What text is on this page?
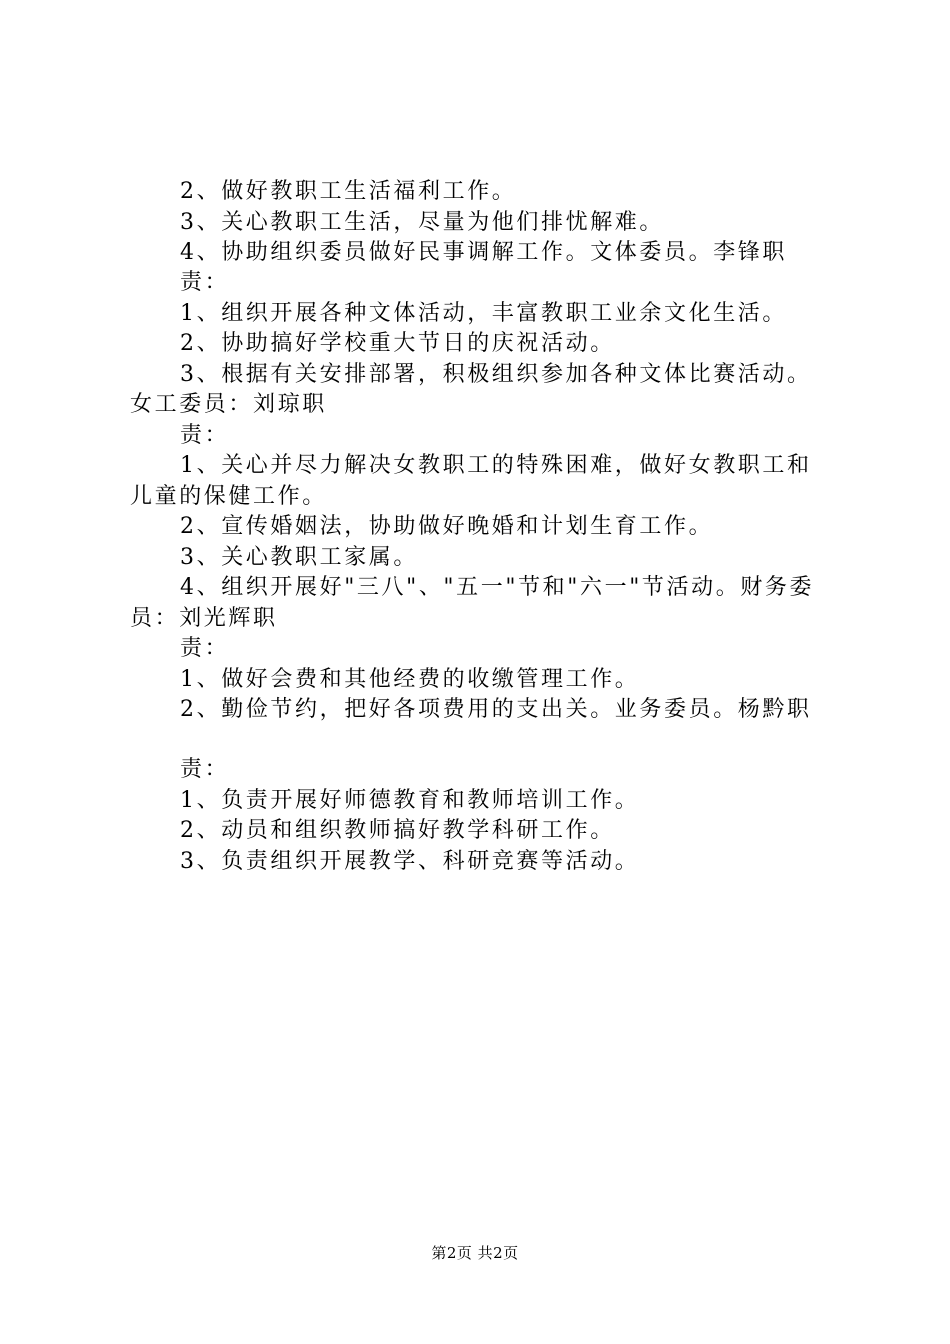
2、做好教职工生活福利工作。
3、关心教职工生活，尽量为他们排忧解难。
4、协助组织委员做好民事调解工作。文体委员。李锋职
责：
1、组织开展各种文体活动，丰富教职工业余文化生活。
2、协助搞好学校重大节日的庆祝活动。
3、根据有关安排部署，积极组织参加各种文体比赛活动。
女工委员：刘琼职
责：
1、关心并尽力解决女教职工的特殊困难，做好女教职工和
儿童的保健工作。
2、宣传婚姻法，协助做好晚婚和计划生育工作。
3、关心教职工家属。
4、组织开展好"三八"、"五一"节和"六一"节活动。财务委
员：刘光辉职
责：
1、做好会费和其他经费的收缴管理工作。
2、勤俭节约，把好各项费用的支出关。业务委员。杨黔职
责：
1、负责开展好师德教育和教师培训工作。
2、动员和组织教师搞好教学科研工作。
3、负责组织开展教学、科研竞赛等活动。
第2页 共2页
